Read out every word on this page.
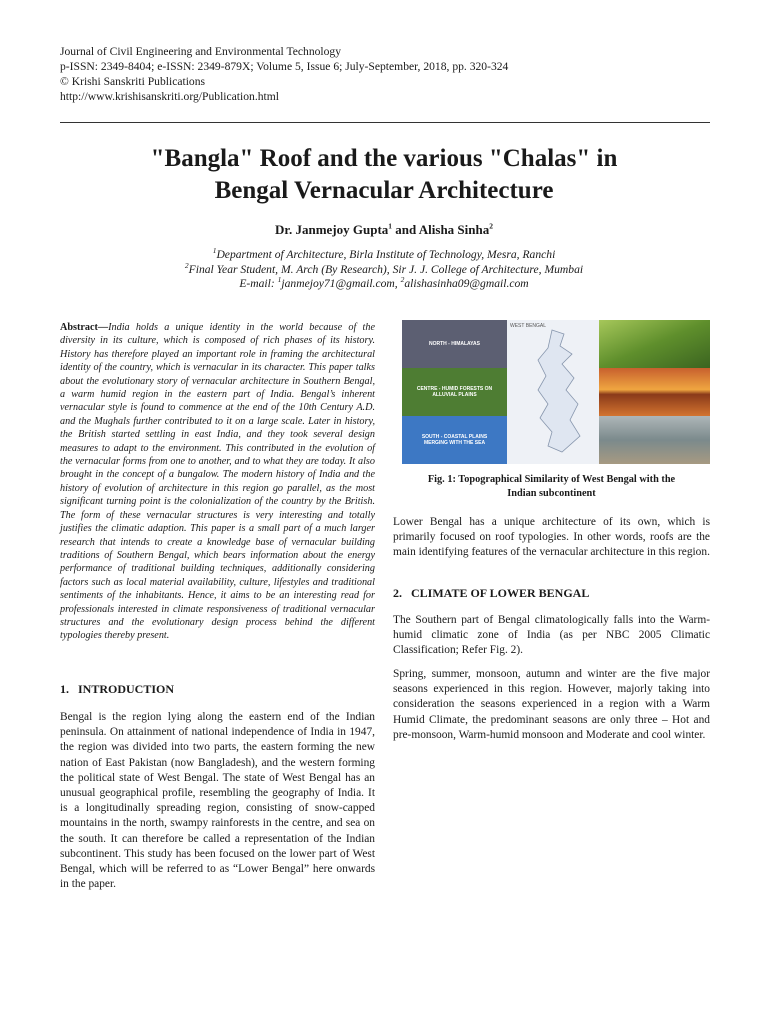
Journal of Civil Engineering and Environmental Technology
p-ISSN: 2349-8404; e-ISSN: 2349-879X; Volume 5, Issue 6; July-September, 2018, pp. 320-324
© Krishi Sanskriti Publications
http://www.krishisanskriti.org/Publication.html
"Bangla" Roof and the various "Chalas" in
Bengal Vernacular Architecture
Dr. Janmejoy Gupta$^1$ and Alisha Sinha$^2$
$^1$Department of Architecture, Birla Institute of Technology, Mesra, Ranchi
$^2$Final Year Student, M. Arch (By Research), Sir J. J. College of Architecture, Mumbai
E-mail: $^1$janmejoy71@gmail.com, $^2$alishasinha09@gmail.com
Abstract—India holds a unique identity in the world because of the diversity in its culture, which is composed of rich phases of its history. History has therefore played an important role in framing the architectural identity of the country, which is vernacular in its character. This paper talks about the evolutionary story of vernacular architecture in Southern Bengal, a warm humid region in the eastern part of India. Bengal’s inherent vernacular style is found to commence at the end of the 10th Century A.D. and the Mughals further contributed to it on a large scale. Later in history, the British started settling in east India, and they took several design measures to adapt to the environment. This contributed in the evolution of the vernacular forms from one to another, and to what they are today. It also brought in the concept of a bungalow. The modern history of India and the history of evolution of architecture in this region go parallel, as the most significant turning point is the colonialization of the country by the British. The form of these vernacular structures is very interesting and totally justifies the climatic adaption. This paper is a small part of a much larger research that intends to create a knowledge base of vernacular building traditions of Southern Bengal, which bears information about the energy performance of traditional building techniques, additionally considering factors such as local material availability, culture, lifestyles and traditional sentiments of the inhabitants. Hence, it aims to be an interesting read for professionals interested in climate responsiveness of traditional vernacular structures and the evolutionary design process behind the different typologies thereby present.
1.   INTRODUCTION
Bengal is the region lying along the eastern end of the Indian peninsula. On attainment of national independence of India in 1947, the region was divided into two parts, the eastern forming the new nation of East Pakistan (now Bangladesh), and the western forming the political state of West Bengal. The state of West Bengal has an unusual geographical profile, resembling the geography of India. It is a longitudinally spreading region, consisting of snow-capped mountains in the north, swampy rainforests in the centre, and sea on the south. It can therefore be called a representation of the Indian subcontinent. This study has been focused on the lower part of West Bengal, which will be referred to as “Lower Bengal” here onwards in the paper.
NORTH - HIMALAYAS
CENTRE - HUMID FORESTS ON ALLUVIAL PLAINS
SOUTH - COASTAL PLAINS MERGING WITH THE SEA
WEST BENGAL
Fig. 1: Topographical Similarity of West Bengal with the
Indian subcontinent
Lower Bengal has a unique architecture of its own, which is primarily focused on roof typologies. In other words, roofs are the main identifying features of the vernacular architecture in this region.
2.   CLIMATE OF LOWER BENGAL
The Southern part of Bengal climatologically falls into the Warm-humid climatic zone of India (as per NBC 2005 Climatic Classification; Refer Fig. 2).
Spring, summer, monsoon, autumn and winter are the five major seasons experienced in this region. However, majorly taking into consideration the seasons experienced in a region with a Warm Humid Climate, the predominant seasons are only three – Hot and pre-monsoon, Warm-humid monsoon and Moderate and cool winter.
